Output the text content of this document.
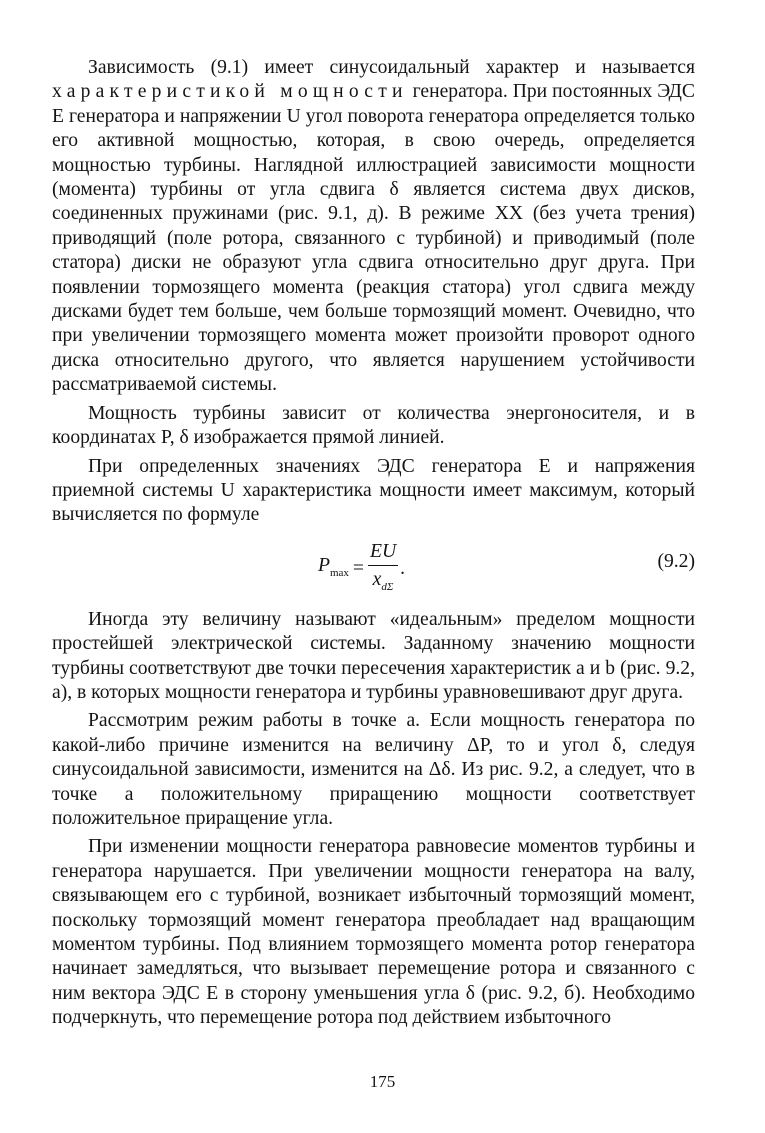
Зависимость (9.1) имеет синусоидальный характер и называется характеристикой мощности генератора. При постоянных ЭДС E генератора и напряжении U угол поворота генератора определяется только его активной мощностью, которая, в свою очередь, определяется мощностью турбины. Наглядной иллюстрацией зависимости мощности (момента) турбины от угла сдвига δ является система двух дисков, соединенных пружинами (рис. 9.1, д). В режиме XX (без учета трения) приводящий (поле ротора, связанного с турбиной) и приводимый (поле статора) диски не образуют угла сдвига относительно друг друга. При появлении тормозящего момента (реакция статора) угол сдвига между дисками будет тем больше, чем больше тормозящий момент. Очевидно, что при увеличении тормозящего момента может произойти проворот одного диска относительно другого, что является нарушением устойчивости рассматриваемой системы.

Мощность турбины зависит от количества энергоносителя, и в координатах P, δ изображается прямой линией.

При определенных значениях ЭДС генератора E и напряжения приемной системы U характеристика мощности имеет максимум, который вычисляется по формуле

$P_{max} = \frac{EU}{x_{d\Sigma}}$ .	(9.2)

Иногда эту величину называют «идеальным» пределом мощности простейшей электрической системы. Заданному значению мощности турбины соответствуют две точки пересечения характеристик a и b (рис. 9.2, а), в которых мощности генератора и турбины уравновешивают друг друга.

Рассмотрим режим работы в точке a. Если мощность генератора по какой-либо причине изменится на величину ΔP, то и угол δ, следуя синусоидальной зависимости, изменится на Δδ. Из рис. 9.2, а следует, что в точке a положительному приращению мощности соответствует положительное приращение угла.

При изменении мощности генератора равновесие моментов турбины и генератора нарушается. При увеличении мощности генератора на валу, связывающем его с турбиной, возникает избыточный тормозящий момент, поскольку тормозящий момент генератора преобладает над вращающим моментом турбины. Под влиянием тормозящего момента ротор генератора начинает замедляться, что вызывает перемещение ротора и связанного с ним вектора ЭДС E в сторону уменьшения угла δ (рис. 9.2, б). Необходимо подчеркнуть, что перемещение ротора под действием избыточного

175
